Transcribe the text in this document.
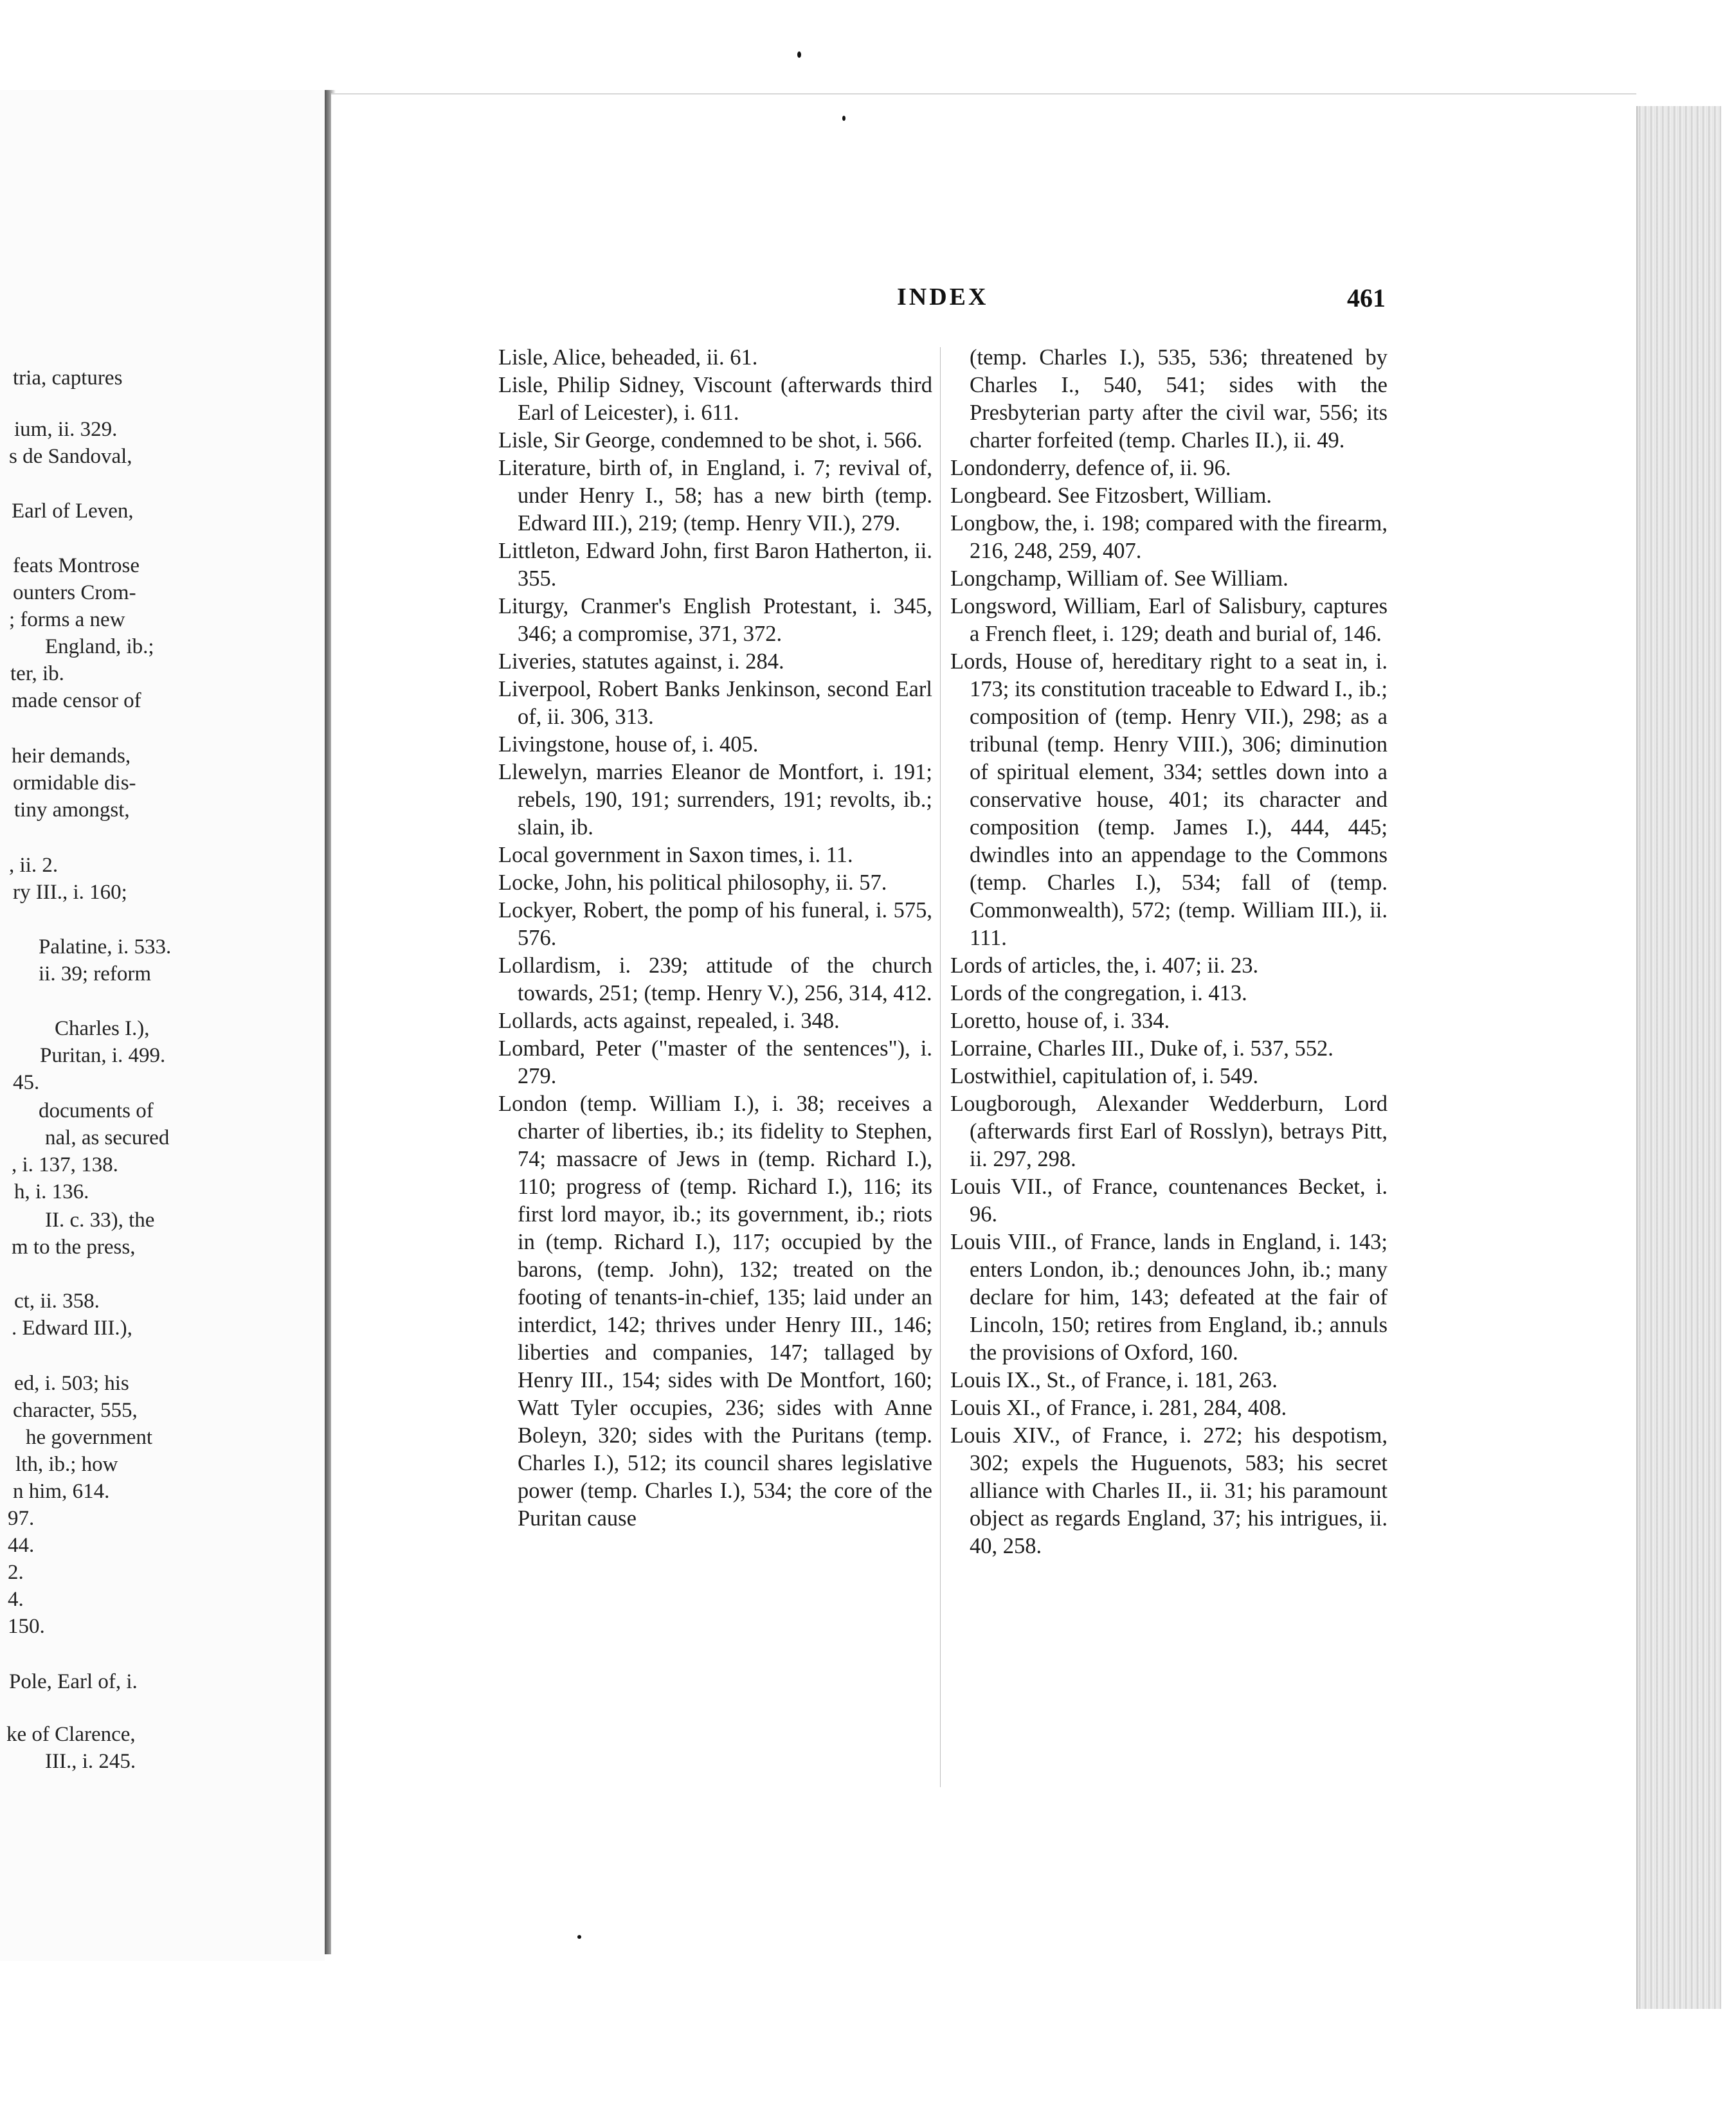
tria, captures
ium, ii. 329.
s de Sandoval,
Earl of Leven,
feats Montrose
ounters Crom-
; forms a new
England, ib.;
ter, ib.
made censor of
heir demands,
ormidable dis-
tiny amongst,
, ii. 2.
ry III., i. 160;
Palatine, i. 533.
ii. 39; reform
Charles I.),
Puritan, i. 499.
45.
documents of
nal, as secured
, i. 137, 138.
h, i. 136.
II. c. 33), the
m to the press,
ct, ii. 358.
. Edward III.),
ed, i. 503; his
character, 555,
he government
lth, ib.; how
n him, 614.
97.
44.
2.
4.
150.
Pole, Earl of, i.
ke of Clarence,
III., i. 245.
INDEX	461
Lisle, Alice, beheaded, ii. 61.
Lisle, Philip Sidney, Viscount (afterwards third Earl of Leicester), i. 611.
Lisle, Sir George, condemned to be shot, i. 566.
Literature, birth of, in England, i. 7; revival of, under Henry I., 58; has a new birth (temp. Edward III.), 219; (temp. Henry VII.), 279.
Littleton, Edward John, first Baron Hatherton, ii. 355.
Liturgy, Cranmer's English Protestant, i. 345, 346; a compromise, 371, 372.
Liveries, statutes against, i. 284.
Liverpool, Robert Banks Jenkinson, second Earl of, ii. 306, 313.
Livingstone, house of, i. 405.
Llewelyn, marries Eleanor de Montfort, i. 191; rebels, 190, 191; surrenders, 191; revolts, ib.; slain, ib.
Local government in Saxon times, i. 11.
Locke, John, his political philosophy, ii. 57.
Lockyer, Robert, the pomp of his funeral, i. 575, 576.
Lollardism, i. 239; attitude of the church towards, 251; (temp. Henry V.), 256, 314, 412.
Lollards, acts against, repealed, i. 348.
Lombard, Peter ("master of the sentences"), i. 279.
London (temp. William I.), i. 38; receives a charter of liberties, ib.; its fidelity to Stephen, 74; massacre of Jews in (temp. Richard I.), 110; progress of (temp. Richard I.), 116; its first lord mayor, ib.; its government, ib.; riots in (temp. Richard I.), 117; occupied by the barons, (temp. John), 132; treated on the footing of tenants-in-chief, 135; laid under an interdict, 142; thrives under Henry III., 146; liberties and companies, 147; tallaged by Henry III., 154; sides with De Montfort, 160; Watt Tyler occupies, 236; sides with Anne Boleyn, 320; sides with the Puritans (temp. Charles I.), 512; its council shares legislative power (temp. Charles I.), 534; the core of the Puritan cause
(temp. Charles I.), 535, 536; threatened by Charles I., 540, 541; sides with the Presbyterian party after the civil war, 556; its charter forfeited (temp. Charles II.), ii. 49.
Londonderry, defence of, ii. 96.
Longbeard. See Fitzosbert, William.
Longbow, the, i. 198; compared with the firearm, 216, 248, 259, 407.
Longchamp, William of. See William.
Longsword, William, Earl of Salisbury, captures a French fleet, i. 129; death and burial of, 146.
Lords, House of, hereditary right to a seat in, i. 173; its constitution traceable to Edward I., ib.; composition of (temp. Henry VII.), 298; as a tribunal (temp. Henry VIII.), 306; diminution of spiritual element, 334; settles down into a conservative house, 401; its character and composition (temp. James I.), 444, 445; dwindles into an appendage to the Commons (temp. Charles I.), 534; fall of (temp. Commonwealth), 572; (temp. William III.), ii. 111.
Lords of articles, the, i. 407; ii. 23.
Lords of the congregation, i. 413.
Loretto, house of, i. 334.
Lorraine, Charles III., Duke of, i. 537, 552.
Lostwithiel, capitulation of, i. 549.
Lougborough, Alexander Wedderburn, Lord (afterwards first Earl of Rosslyn), betrays Pitt, ii. 297, 298.
Louis VII., of France, countenances Becket, i. 96.
Louis VIII., of France, lands in England, i. 143; enters London, ib.; denounces John, ib.; many declare for him, 143; defeated at the fair of Lincoln, 150; retires from England, ib.; annuls the provisions of Oxford, 160.
Louis IX., St., of France, i. 181, 263.
Louis XI., of France, i. 281, 284, 408.
Louis XIV., of France, i. 272; his despotism, 302; expels the Huguenots, 583; his secret alliance with Charles II., ii. 31; his paramount object as regards England, 37; his intrigues, ii. 40, 258.
